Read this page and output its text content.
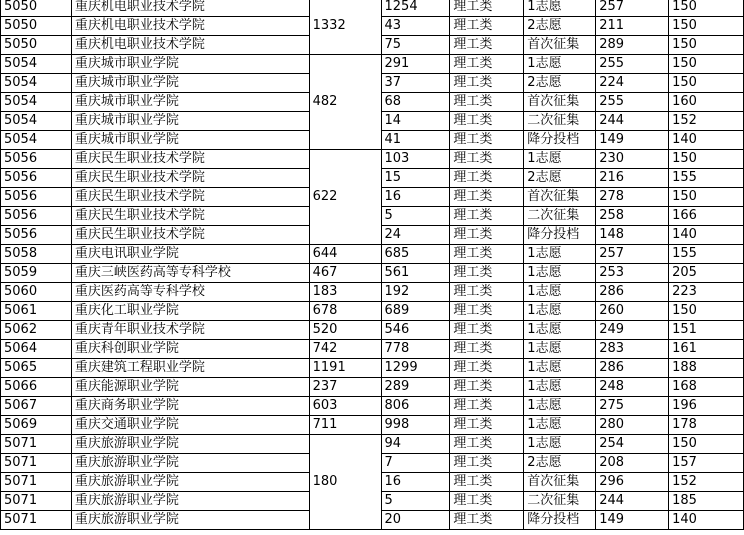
5050	重庆机电职业技术学院	1332	1254	理工类	1志愿	257	150
5050	重庆机电职业技术学院		43	理工类	2志愿	211	150
5050	重庆机电职业技术学院		75	理工类	首次征集	289	150
5054	重庆城市职业学院	482	291	理工类	1志愿	255	150
5054	重庆城市职业学院		37	理工类	2志愿	224	150
5054	重庆城市职业学院		68	理工类	首次征集	255	160
5054	重庆城市职业学院		14	理工类	二次征集	244	152
5054	重庆城市职业学院		41	理工类	降分投档	149	140
5056	重庆民生职业技术学院	622	103	理工类	1志愿	230	150
5056	重庆民生职业技术学院		15	理工类	2志愿	216	155
5056	重庆民生职业技术学院		16	理工类	首次征集	278	150
5056	重庆民生职业技术学院		5	理工类	二次征集	258	166
5056	重庆民生职业技术学院		24	理工类	降分投档	148	140
5058	重庆电讯职业学院	644	685	理工类	1志愿	257	155
5059	重庆三峡医药高等专科学校	467	561	理工类	1志愿	253	205
5060	重庆医药高等专科学校	183	192	理工类	1志愿	286	223
5061	重庆化工职业学院	678	689	理工类	1志愿	260	150
5062	重庆青年职业技术学院	520	546	理工类	1志愿	249	151
5064	重庆科创职业学院	742	778	理工类	1志愿	283	161
5065	重庆建筑工程职业学院	1191	1299	理工类	1志愿	286	188
5066	重庆能源职业学院	237	289	理工类	1志愿	248	168
5067	重庆商务职业学院	603	806	理工类	1志愿	275	196
5069	重庆交通职业学院	711	998	理工类	1志愿	280	178
5071	重庆旅游职业学院	180	94	理工类	1志愿	254	150
5071	重庆旅游职业学院		7	理工类	2志愿	208	157
5071	重庆旅游职业学院		16	理工类	首次征集	296	152
5071	重庆旅游职业学院		5	理工类	二次征集	244	185
5071	重庆旅游职业学院		20	理工类	降分投档	149	140
